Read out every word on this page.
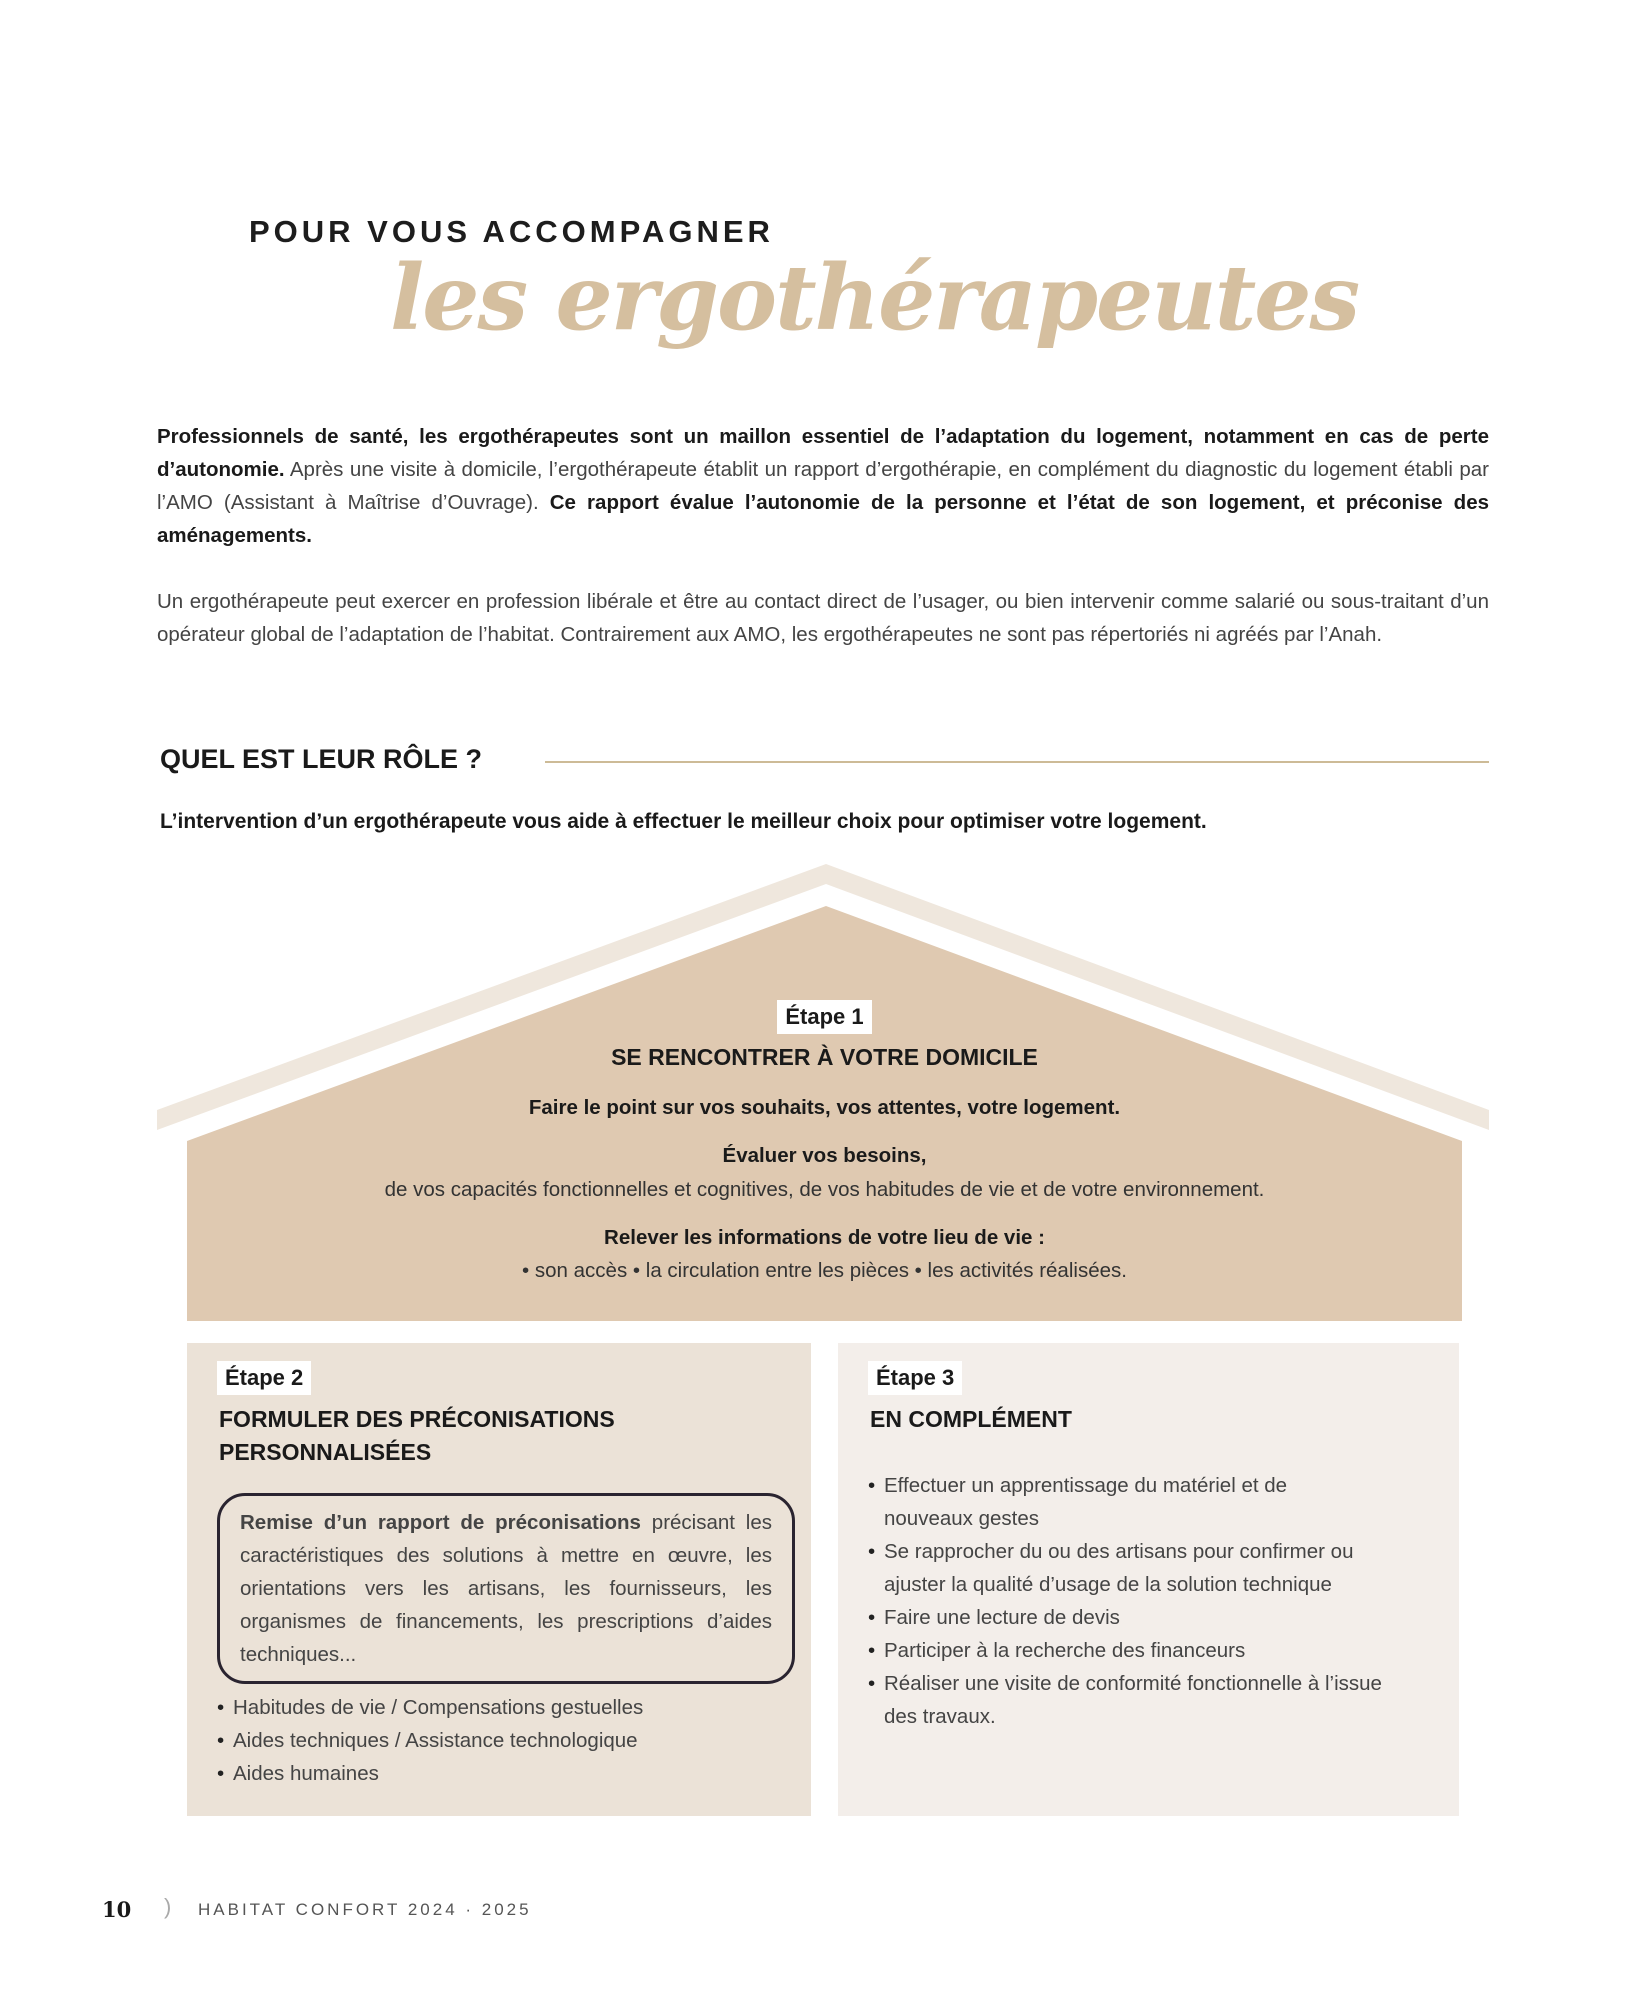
POUR VOUS ACCOMPAGNER
les ergothérapeutes
Professionnels de santé, les ergothérapeutes sont un maillon essentiel de l’adaptation du logement, notamment en cas de perte d’autonomie. Après une visite à domicile, l’ergothérapeute établit un rapport d’ergothérapie, en complément du diagnostic du logement établi par l’AMO (Assistant à Maîtrise d’Ouvrage). Ce rapport évalue l’autonomie de la personne et l’état de son logement, et préconise des aménagements.
Un ergothérapeute peut exercer en profession libérale et être au contact direct de l’usager, ou bien intervenir comme salarié ou sous-traitant d’un opérateur global de l’adaptation de l’habitat. Contrairement aux AMO, les ergothérapeutes ne sont pas répertoriés ni agréés par l’Anah.
QUEL EST LEUR RÔLE ?
L’intervention d’un ergothérapeute vous aide à effectuer le meilleur choix pour optimiser votre logement.
Étape 1
SE RENCONTRER À VOTRE DOMICILE
Faire le point sur vos souhaits, vos attentes, votre logement.
Évaluer vos besoins,
de vos capacités fonctionnelles et cognitives, de vos habitudes de vie et de votre environnement.
Relever les informations de votre lieu de vie :
• son accès • la circulation entre les pièces • les activités réalisées.
Étape 2
FORMULER DES PRÉCONISATIONS PERSONNALISÉES
Remise d’un rapport de préconisations précisant les caractéristiques des solutions à mettre en œuvre, les orientations vers les artisans, les fournisseurs, les organismes de financements, les prescriptions d’aides techniques...
• Habitudes de vie / Compensations gestuelles
• Aides techniques / Assistance technologique
• Aides humaines
Étape 3
EN COMPLÉMENT
• Effectuer un apprentissage du matériel et de nouveaux gestes
• Se rapprocher du ou des artisans pour confirmer ou ajuster la qualité d’usage de la solution technique
• Faire une lecture de devis
• Participer à la recherche des financeurs
• Réaliser une visite de conformité fonctionnelle à l’issue des travaux.
10 ) HABITAT CONFORT 2024 · 2025
